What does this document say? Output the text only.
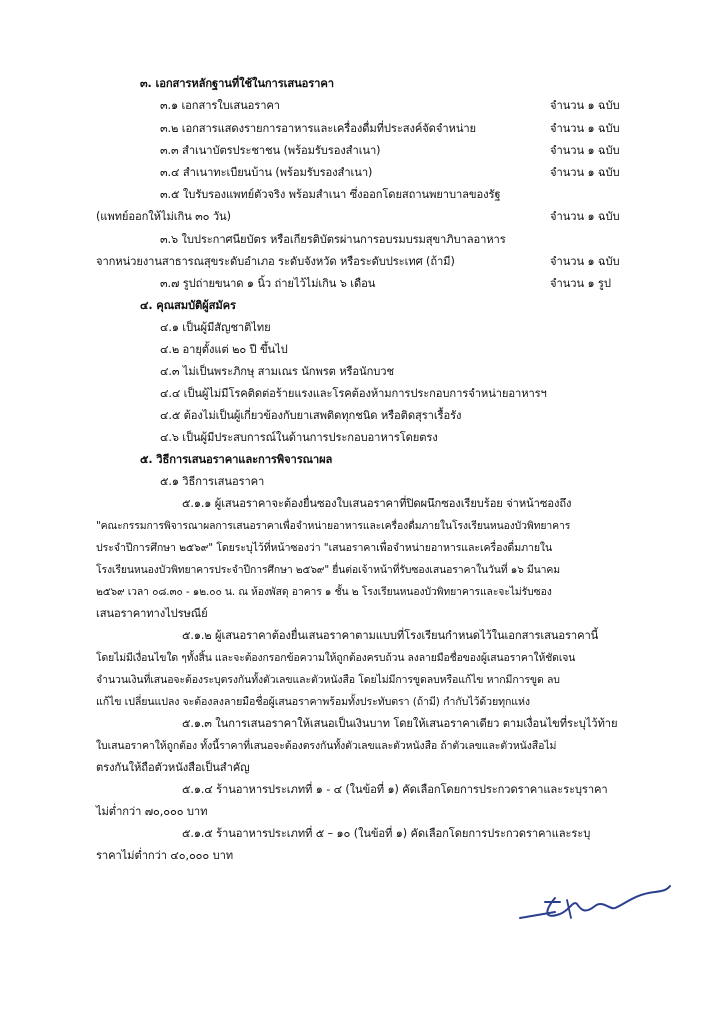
๓. เอกสารหลักฐานที่ใช้ในการเสนอราคา
๓.๑ เอกสารใบเสนอราคา	จำนวน ๑ ฉบับ
๓.๒ เอกสารแสดงรายการอาหารและเครื่องดื่มที่ประสงค์จัดจำหน่าย	จำนวน ๑ ฉบับ
๓.๓ สำเนาบัตรประชาชน (พร้อมรับรองสำเนา)	จำนวน ๑ ฉบับ
๓.๔ สำเนาทะเบียนบ้าน (พร้อมรับรองสำเนา)	จำนวน ๑ ฉบับ
๓.๕ ใบรับรองแพทย์ตัวจริง พร้อมสำเนา ซึ่งออกโดยสถานพยาบาลของรัฐ
(แพทย์ออกให้ไม่เกิน ๓๐ วัน)	จำนวน ๑ ฉบับ
๓.๖ ใบประกาศนียบัตร หรือเกียรติบัตรผ่านการอบรมบรมสุขาภิบาลอาหาร
จากหน่วยงานสาธารณสุขระดับอำเภอ ระดับจังหวัด หรือระดับประเทศ (ถ้ามี)	จำนวน ๑ ฉบับ
๓.๗ รูปถ่ายขนาด ๑ นิ้ว ถ่ายไว้ไม่เกิน ๖ เดือน	จำนวน ๑ รูป
๔. คุณสมบัติผู้สมัคร
๔.๑ เป็นผู้มีสัญชาติไทย
๔.๒ อายุตั้งแต่ ๒๐ ปี ขึ้นไป
๔.๓ ไม่เป็นพระภิกษุ สามเณร นักพรต หรือนักบวช
๔.๔ เป็นผู้ไม่มีโรคติดต่อร้ายแรงและโรคต้องห้ามการประกอบการจำหน่ายอาหารฯ
๔.๕ ต้องไม่เป็นผู้เกี่ยวข้องกับยาเสพติดทุกชนิด หรือติดสุราเรื้อรัง
๔.๖ เป็นผู้มีประสบการณ์ในด้านการประกอบอาหารโดยตรง
๕. วิธีการเสนอราคาและการพิจารณาผล
๕.๑ วิธีการเสนอราคา
๕.๑.๑ ผู้เสนอราคาจะต้องยื่นซองใบเสนอราคาที่ปิดผนึกซองเรียบร้อย จ่าหน้าซองถึง
"คณะกรรมการพิจารณาผลการเสนอราคาเพื่อจำหน่ายอาหารและเครื่องดื่มภายในโรงเรียนหนองบัวพิทยาคาร
ประจำปีการศึกษา ๒๕๖๙" โดยระบุไว้ที่หน้าซองว่า "เสนอราคาเพื่อจำหน่ายอาหารและเครื่องดื่มภายใน
โรงเรียนหนองบัวพิทยาคารประจำปีการศึกษา ๒๕๖๙" ยื่นต่อเจ้าหน้าที่รับซองเสนอราคาในวันที่ ๑๖ มีนาคม
๒๕๖๙ เวลา ๐๘.๓๐ - ๑๒.๐๐ น. ณ ห้องพัสดุ อาคาร ๑ ชั้น ๒ โรงเรียนหนองบัวพิทยาคารและจะไม่รับซอง
เสนอราคาทางไปรษณีย์
๕.๑.๒ ผู้เสนอราคาต้องยื่นเสนอราคาตามแบบที่โรงเรียนกำหนดไว้ในเอกสารเสนอราคานี้
โดยไม่มีเงื่อนไขใด ๆทั้งสิ้น และจะต้องกรอกข้อความให้ถูกต้องครบถ้วน ลงลายมือชื่อของผู้เสนอราคาให้ชัดเจน
จำนวนเงินที่เสนอจะต้องระบุตรงกันทั้งตัวเลขและตัวหนังสือ โดยไม่มีการขูดลบหรือแก้ไข หากมีการขูด ลบ
แก้ไข เปลี่ยนแปลง จะต้องลงลายมือชื่อผู้เสนอราคาพร้อมทั้งประทับตรา (ถ้ามี) กำกับไว้ด้วยทุกแห่ง
๕.๑.๓ ในการเสนอราคาให้เสนอเป็นเงินบาท โดยให้เสนอราคาเดียว ตามเงื่อนไขที่ระบุไว้ท้าย
ใบเสนอราคาให้ถูกต้อง ทั้งนี้ราคาที่เสนอจะต้องตรงกันทั้งตัวเลขและตัวหนังสือ ถ้าตัวเลขและตัวหนังสือไม่
ตรงกันให้ถือตัวหนังสือเป็นสำคัญ
๕.๑.๔ ร้านอาหารประเภทที่ ๑ - ๔ (ในข้อที่ ๑) คัดเลือกโดยการประกวดราคาและระบุราคา
ไม่ต่ำกว่า ๗๐,๐๐๐ บาท
๕.๑.๕ ร้านอาหารประเภทที่ ๕ – ๑๐ (ในข้อที่ ๑) คัดเลือกโดยการประกวดราคาและระบุ
ราคาไม่ต่ำกว่า ๔๐,๐๐๐ บาท
